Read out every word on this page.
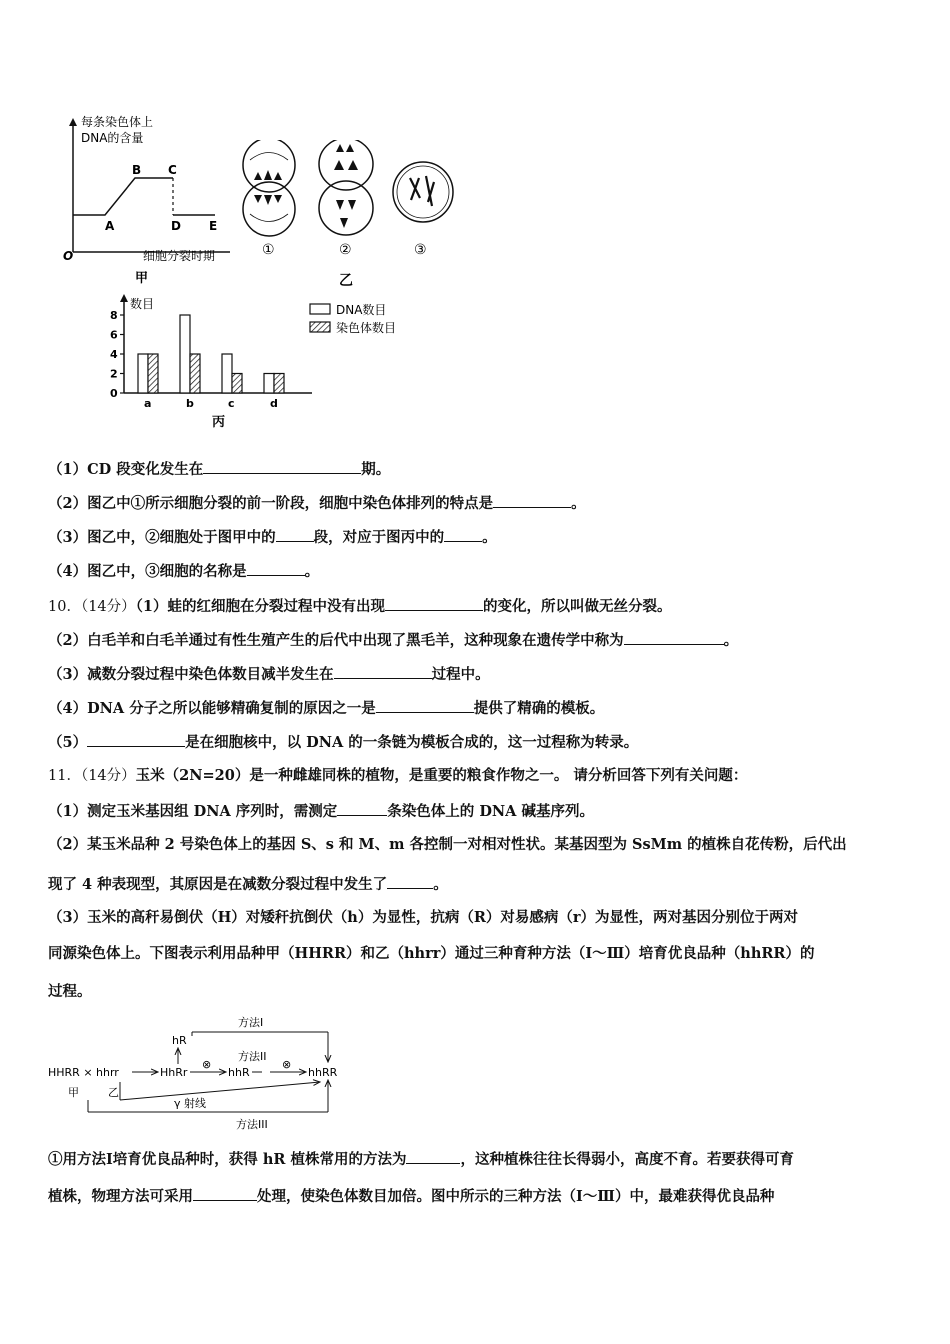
每条染色体上
DNA的含量
A
B C
D E
O	细胞分裂时期
甲
①	②	③
乙
数目
0
2
4
6
8
a	b	c	d
丙
DNA数目
染色体数目
（1）CD 段变化发生在	期。
（2）图乙中①所示细胞分裂的前一阶段，细胞中染色体排列的特点是	。
（3）图乙中，②细胞处于图甲中的	段，对应于图丙中的	。
（4）图乙中，③细胞的名称是	。
10．（14分）（1）蛙的红细胞在分裂过程中没有出现	的变化，所以叫做无丝分裂。
（2）白毛羊和白毛羊通过有性生殖产生的后代中出现了黑毛羊，这种现象在遗传学中称为	。
（3）减数分裂过程中染色体数目减半发生在	过程中。
（4）DNA 分子之所以能够精确复制的原因之一是	提供了精确的模板。
（5）	是在细胞核中，以 DNA 的一条链为模板合成的，这一过程称为转录。
11．（14分）玉米（2N=20）是一种雌雄同株的植物，是重要的粮食作物之一。 请分析回答下列有关问题：
（1）测定玉米基因组 DNA 序列时，需测定	条染色体上的 DNA 碱基序列。
（2）某玉米品种 2 号染色体上的基因 S、s 和 M、m 各控制一对相对性状。某基因型为 SsMm 的植株自花传粉，后代出
现了 4 种表现型，其原因是在减数分裂过程中发生了	。
（3）玉米的高秆易倒伏（H）对矮秆抗倒伏（h）为显性，抗病（R）对易感病（r）为显性，两对基因分别位于两对
同源染色体上。下图表示利用品种甲（HHRR）和乙（hhrr）通过三种育种方法（Ⅰ～Ⅲ）培育优良品种（hhRR）的
过程。
HHRR × hhrr
甲	乙
HhRr
hR
方法I
方法II
⊗
hhR
⊗
hhRR
γ 射线
方法III
①用方法Ⅰ培育优良品种时，获得 hR 植株常用的方法为	，这种植株往往长得弱小，高度不育。若要获得可育
植株，物理方法可采用	处理，使染色体数目加倍。图中所示的三种方法（Ⅰ～Ⅲ）中，最难获得优良品种
